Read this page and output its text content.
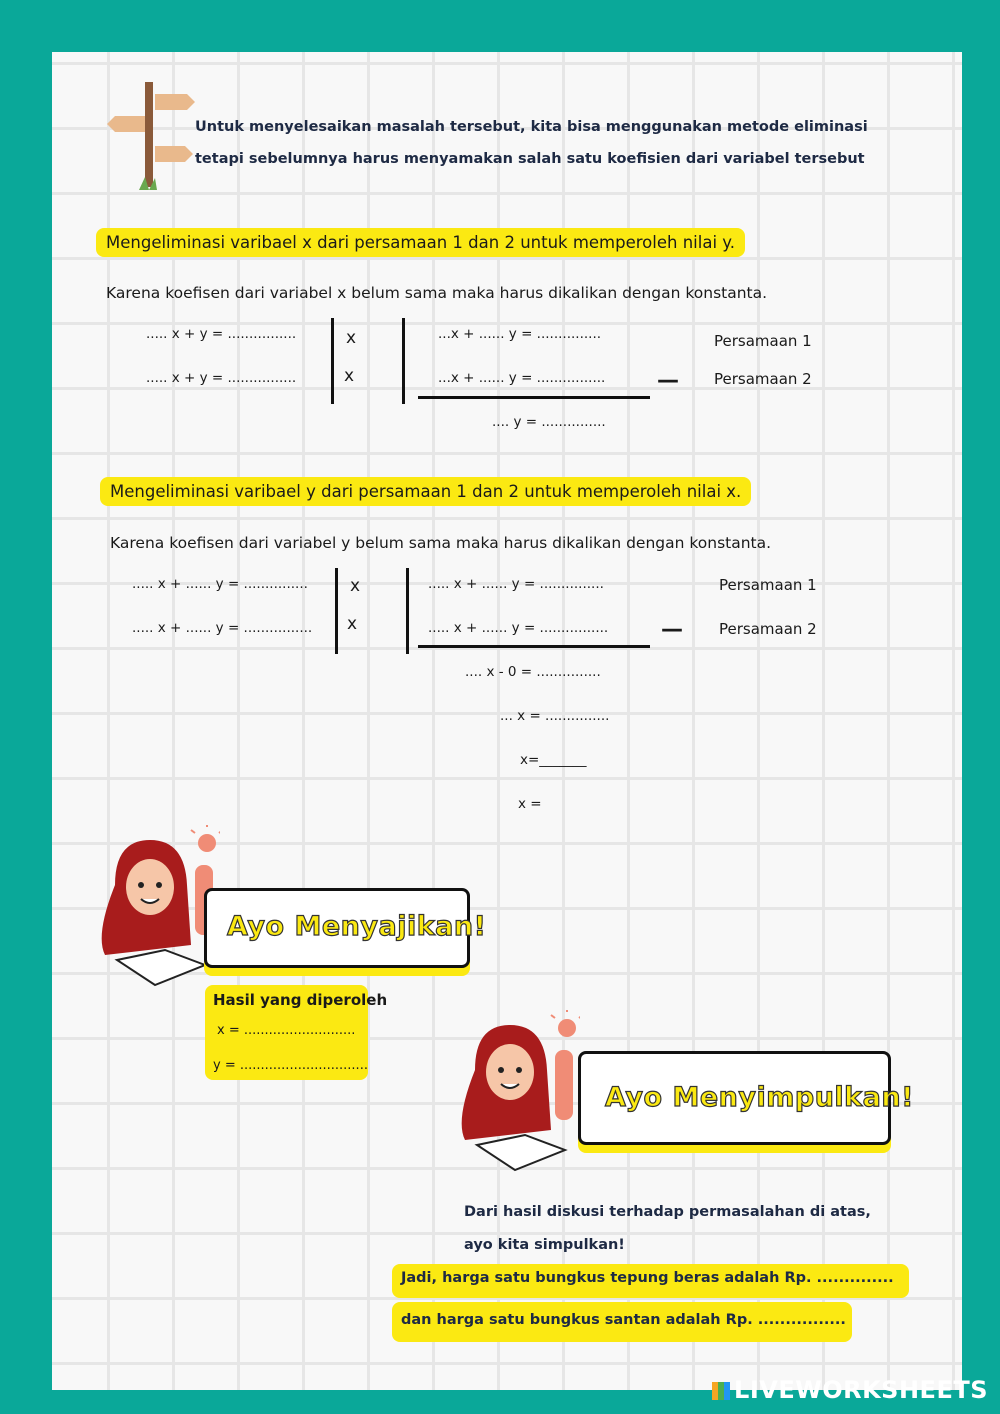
Untuk menyelesaikan masalah tersebut, kita bisa menggunakan metode eliminasi
tetapi sebelumnya harus menyamakan salah satu koefisien dari variabel tersebut
Mengeliminasi varibael x dari persamaan 1 dan 2 untuk memperoleh nilai y.
Karena koefisen dari variabel x belum sama maka harus dikalikan dengan konstanta.
..... x + y = ................
..... x + y = ................
x
x
...x + ...... y = ...............
...x + ...... y = ................ —
Persamaan 1
Persamaan 2
.... y = ...............
Mengeliminasi varibael y dari persamaan 1 dan 2 untuk memperoleh nilai x.
Karena koefisen dari variabel y belum sama maka harus dikalikan dengan konstanta.
..... x + ...... y = ...............
..... x + ...... y = ................
x
x
..... x + ...... y = ...............
..... x + ...... y = ................ —
Persamaan 1
Persamaan 2
.... x - 0 = ...............
... x = ...............
x=_______
x =
Ayo Menyajikan!
Hasil yang diperoleh
x = ...........................
y = ...............................
Ayo Menyimpulkan!
Dari hasil diskusi terhadap permasalahan di atas,
ayo kita simpulkan!
Jadi, harga satu bungkus tepung beras adalah Rp. ..............
dan harga satu bungkus santan adalah Rp. ................
LIVEWORKSHEETS
